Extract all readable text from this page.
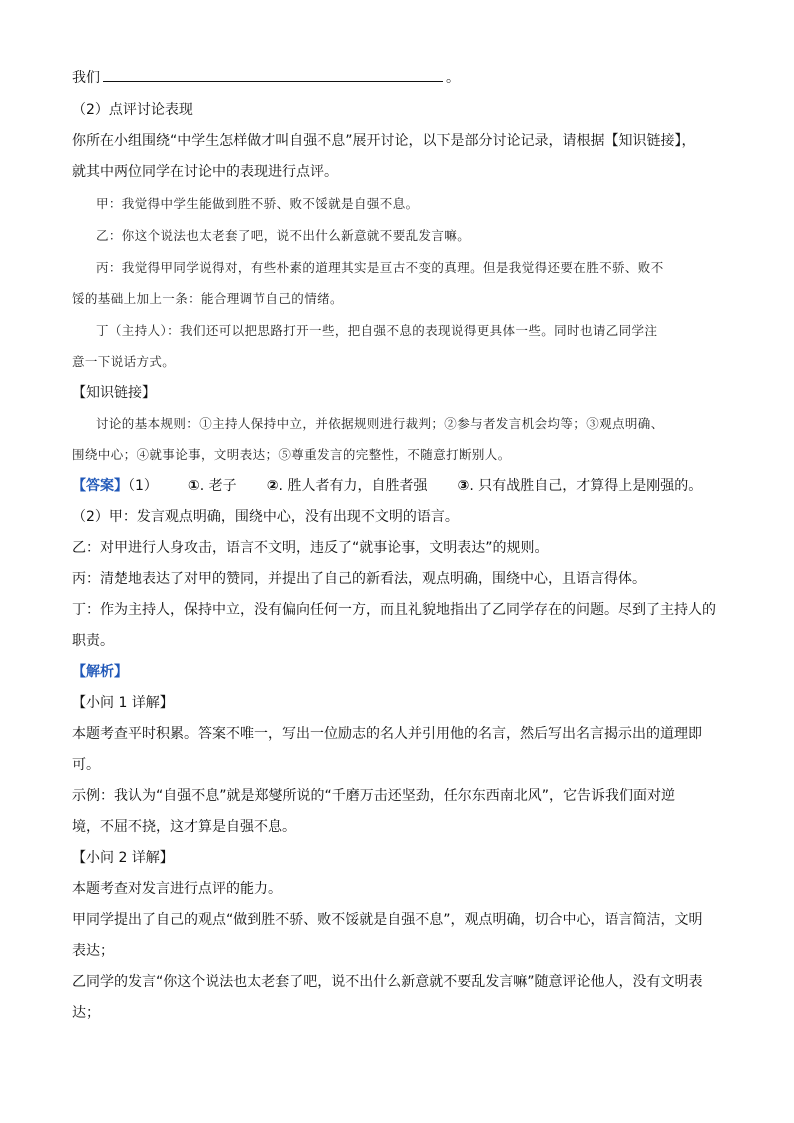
我们	。
（2）点评讨论表现
你所在小组围绕“中学生怎样做才叫自强不息”展开讨论，以下是部分讨论记录，请根据【知识链接】，
就其中两位同学在讨论中的表现进行点评。
甲：我觉得中学生能做到胜不骄、败不馁就是自强不息。
乙：你这个说法也太老套了吧，说不出什么新意就不要乱发言嘛。
丙：我觉得甲同学说得对，有些朴素的道理其实是亘古不变的真理。但是我觉得还要在胜不骄、败不
馁的基础上加上一条：能合理调节自己的情绪。
丁（主持人）：我们还可以把思路打开一些，把自强不息的表现说得更具体一些。同时也请乙同学注
意一下说话方式。
【知识链接】
讨论的基本规则：①主持人保持中立，并依据规则进行裁判；②参与者发言机会均等；③观点明确、
围绕中心；④就事论事，文明表达；⑤尊重发言的完整性，不随意打断别人。
【答案】（1） ①. 老子 ②. 胜人者有力，自胜者强 ③. 只有战胜自己，才算得上是刚强的。
（2）甲：发言观点明确，围绕中心，没有出现不文明的语言。
乙：对甲进行人身攻击，语言不文明，违反了“就事论事，文明表达”的规则。
丙：清楚地表达了对甲的赞同，并提出了自己的新看法，观点明确，围绕中心，且语言得体。
丁：作为主持人，保持中立，没有偏向任何一方，而且礼貌地指出了乙同学存在的问题。尽到了主持人的
职责。
【解析】
【小问 1 详解】
本题考查平时积累。答案不唯一，写出一位励志的名人并引用他的名言，然后写出名言揭示出的道理即
可。
示例：我认为“自强不息”就是郑燮所说的“千磨万击还坚劲，任尔东西南北风”，它告诉我们面对逆
境，不屈不挠，这才算是自强不息。
【小问 2 详解】
本题考查对发言进行点评的能力。
甲同学提出了自己的观点“做到胜不骄、败不馁就是自强不息”，观点明确，切合中心，语言简洁，文明
表达；
乙同学的发言“你这个说法也太老套了吧，说不出什么新意就不要乱发言嘛”随意评论他人，没有文明表
达；
